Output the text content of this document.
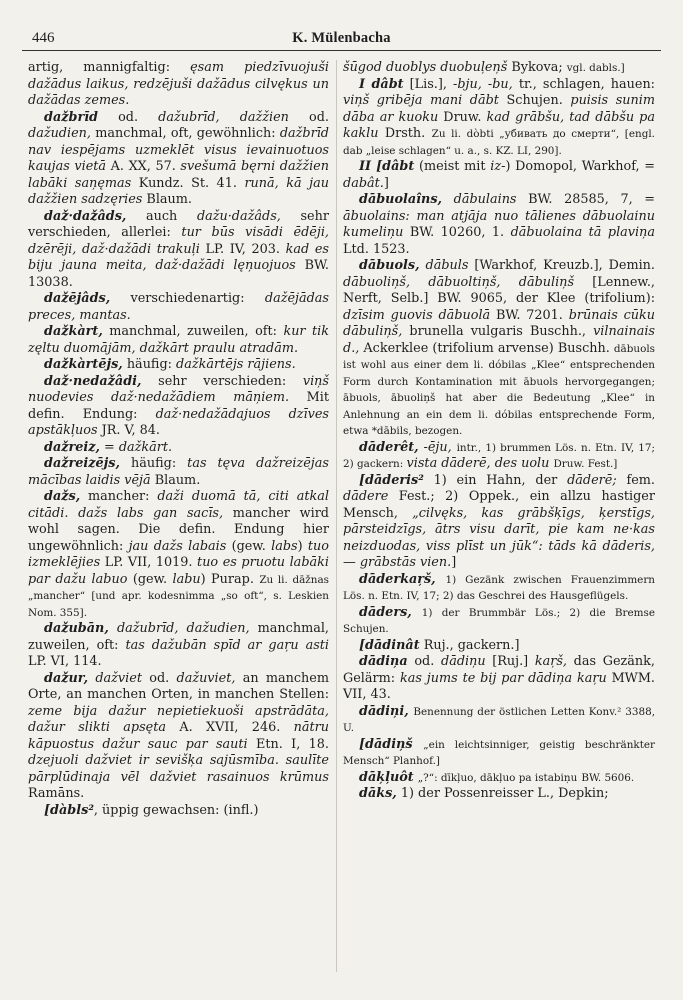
446	K. Mülenbacha

artig, mannigfaltig: ęsam piedzīvuojuši dažādus laikus, redzējuši dažādus cilvękus un dažādas zemes.

dažbrīd od. dažubrīd, dažžien od. dažudien, manchmal, oft, gewöhnlich: dažbrīd nav iespējams uzmeklēt visus ievainuotuos kaujas vietā A. XX, 57. svešumā bęrni dažžien labāki saņęmas Kundz. St. 41. runā, kā jau dažžien sadzęries Blaum.

daž·dažâds, auch dažu·dažâds, sehr verschieden, allerlei: tur būs visādi ēdēji, dzērēji, daž·dažādi trakuļi LP. IV, 203. kad es biju jauna meita, daž·dažādi lęņuojuos BW. 13038.

dažējâds, verschiedenartig: dažējādas preces, mantas.

dažkàrt, manchmal, zuweilen, oft: kur tik zęltu duomājām, dažkārt praulu atradām.

dažkàrtējs, häufig: dažkārtējs rājiens.

daž·nedažâdi, sehr verschieden: viņš nuodevies daž·nedažādiem māņiem. Mit defin. Endung: daž·nedažādajuos dzīves apstākļuos JR. V, 84.

dažreiz, = dažkārt.

dažreizējs, häufig: tas tęva dažreizējas mācības laidis vējā Blaum.

dažs, mancher: daži duomā tā, citi atkal citādi. dažs labs gan sacīs, mancher wird wohl sagen. Die defin. Endung hier ungewöhnlich: jau dažs labais (gew. labs) tuo izmeklējies LP. VII, 1019. tuo es pruotu labāki par dažu labuo (gew. labu) Purap. Zu li. dāžnas „mancher“ [und apr. kodesnimma „so oft“, s. Leskien Nom. 355].

dažubān, dažubrīd, dažudien, manchmal, zuweilen, oft: tas dažubān spīd ar gaŗu asti LP. VI, 114.

dažur, dažviet od. dažuviet, an manchem Orte, an manchen Orten, in manchen Stellen: zeme bija dažur nepietiekuoši apstrādāta, dažur slikti apsęta A. XVII, 246. nātru kāpuostus dažur sauc par sauti Etn. I, 18. dzejuoli dažviet ir sevišķa sajūsmība. saulīte pārplūdinaja vēl dažviet rasainuos krūmus Ramāns.

[dàbls², üppig gewachsen: (infl.)

šūgod duoblys duobuļeņš Bykova; vgl. dabls.]

I dâbt [Lis.], -bju, -bu, tr., schlagen, hauen: viņš gribēja mani dābt Schujen. puisis sunim dāba ar kuoku Druw. kad grābšu, tad dābšu pa kaklu Drsth. Zu li. dòbti „убивать до смерти“, [engl. dab „leise schlagen“ u. a., s. KZ. LI, 290].

II [dâbt (meist mit iz-) Domopol, Warkhof, = dabât.]

dābuolaîns, dābulains BW. 28585, 7, = ābuolains: man atjāja nuo tālienes dābuolainu kumeliņu BW. 10260, 1. dābuolaina tā plaviņa Ltd. 1523.

dābuols, dābuls [Warkhof, Kreuzb.], Demin. dābuoliņš, dābuoltiņš, dābuliņš [Lennew., Nerft, Selb.] BW. 9065, der Klee (trifolium): dzīsim guovis dābuolā BW. 7201. brūnais cūku dābuliņš, brunella vulgaris Buschh., vilnainais d., Ackerklee (trifolium arvense) Buschh. dābuols ist wohl aus einer dem li. dóbilas „Klee“ entsprechenden Form durch Kontamination mit ābuols hervorgegangen; ābuols, ābuoliņš hat aber die Bedeutung „Klee“ in Anlehnung an ein dem li. dóbilas entsprechende Form, etwa *dābils, bezogen.

dāderêt, -ēju, intr., 1) brummen Lös. n. Etn. IV, 17; 2) gackern: vista dāderē, des uolu Druw. Fest.]

[dāderis² 1) ein Hahn, der dāderē; fem. dādere Fest.; 2) Oppek., ein allzu hastiger Mensch, „cilvęks, kas grābšķīgs, ķerstīgs, pārsteidzīgs, ātrs visu darīt, pie kam ne·kas neizduodas, viss plīst un jūk“: tāds kā dāderis, — grābstās vien.]

dāderkaŗš, 1) Gezänk zwischen Frauenzimmern Lös. n. Etn. IV, 17; 2) das Geschrei des Hausgeflügels.

dāders, 1) der Brummbär Lös.; 2) die Bremse Schujen.

[dādinât Ruj., gackern.]

dādiņa od. dādiņu [Ruj.] kaŗš, das Gezänk, Gelärm: kas jums te bij par dādiņa kaŗu MWM. VII, 43.

dādiņi, Benennung der östlichen Letten Konv.² 3388, U.

[dādiņš „ein leichtsinniger, geistig beschränkter Mensch“ Planhof.]

dāķļuôt „?“: dīkļuo, dākļuo pa istabiņu BW. 5606.

dāks, 1) der Possenreisser L., Depkin;
